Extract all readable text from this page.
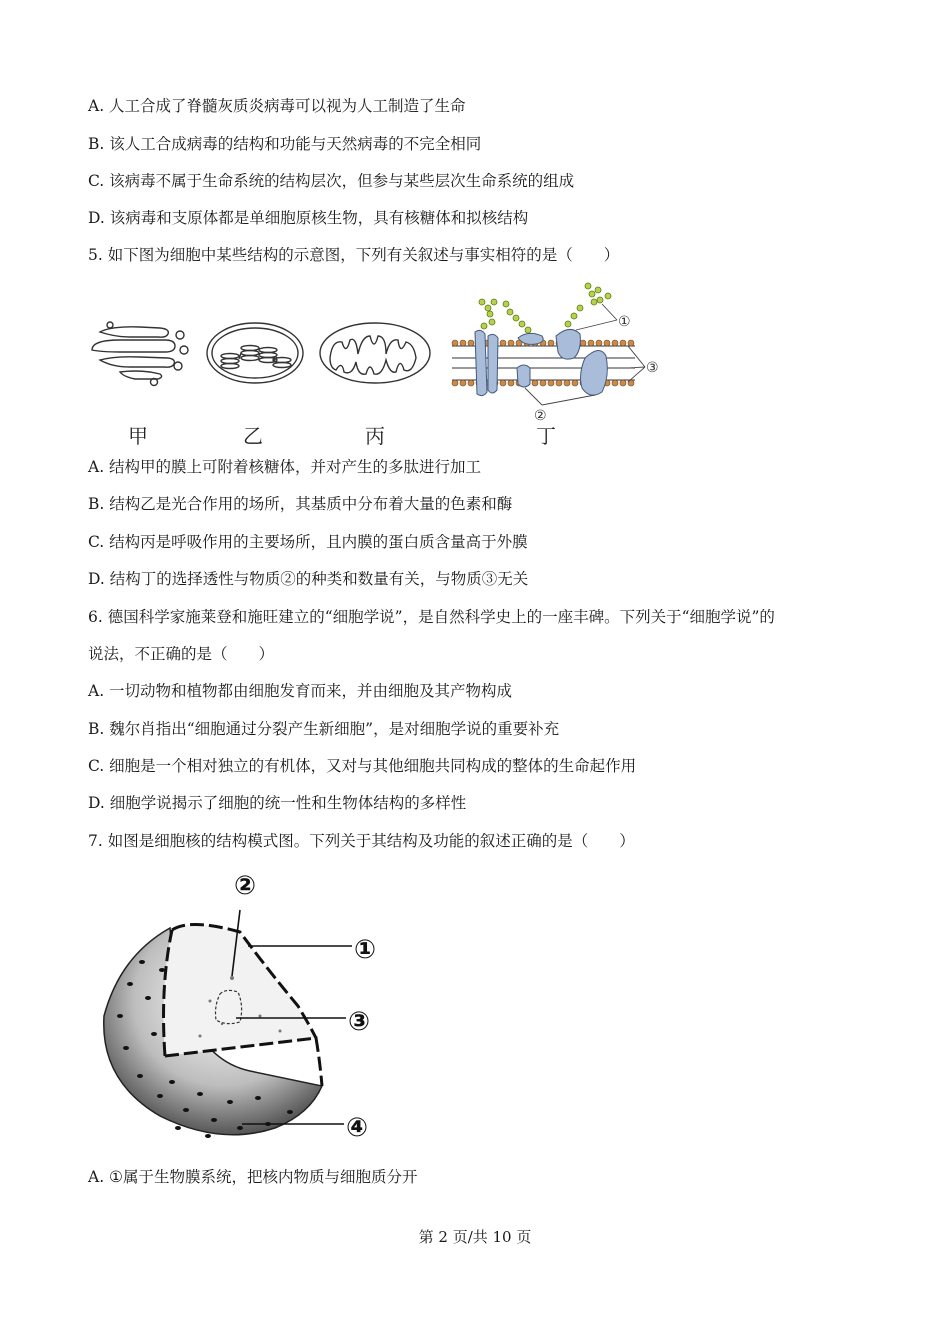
A. 人工合成了脊髓灰质炎病毒可以视为人工制造了生命
B. 该人工合成病毒的结构和功能与天然病毒的不完全相同
C. 该病毒不属于生命系统的结构层次，但参与某些层次生命系统的组成
D. 该病毒和支原体都是单细胞原核生物，具有核糖体和拟核结构
5. 如下图为细胞中某些结构的示意图，下列有关叙述与事实相符的是（　　）
①
③
②
甲	乙	丙	丁
A. 结构甲的膜上可附着核糖体，并对产生的多肽进行加工
B. 结构乙是光合作用的场所，其基质中分布着大量的色素和酶
C. 结构丙是呼吸作用的主要场所，且内膜的蛋白质含量高于外膜
D. 结构丁的选择透性与物质②的种类和数量有关，与物质③无关
6. 德国科学家施莱登和施旺建立的“细胞学说”，是自然科学史上的一座丰碑。下列关于“细胞学说”的
说法，不正确的是（　　）
A. 一切动物和植物都由细胞发育而来，并由细胞及其产物构成
B. 魏尔肖指出“细胞通过分裂产生新细胞”，是对细胞学说的重要补充
C. 细胞是一个相对独立的有机体，又对与其他细胞共同构成的整体的生命起作用
D. 细胞学说揭示了细胞的统一性和生物体结构的多样性
7. 如图是细胞核的结构模式图。下列关于其结构及功能的叙述正确的是（　　）
②
①
③
④
A. ①属于生物膜系统，把核内物质与细胞质分开
第 2 页/共 10 页
